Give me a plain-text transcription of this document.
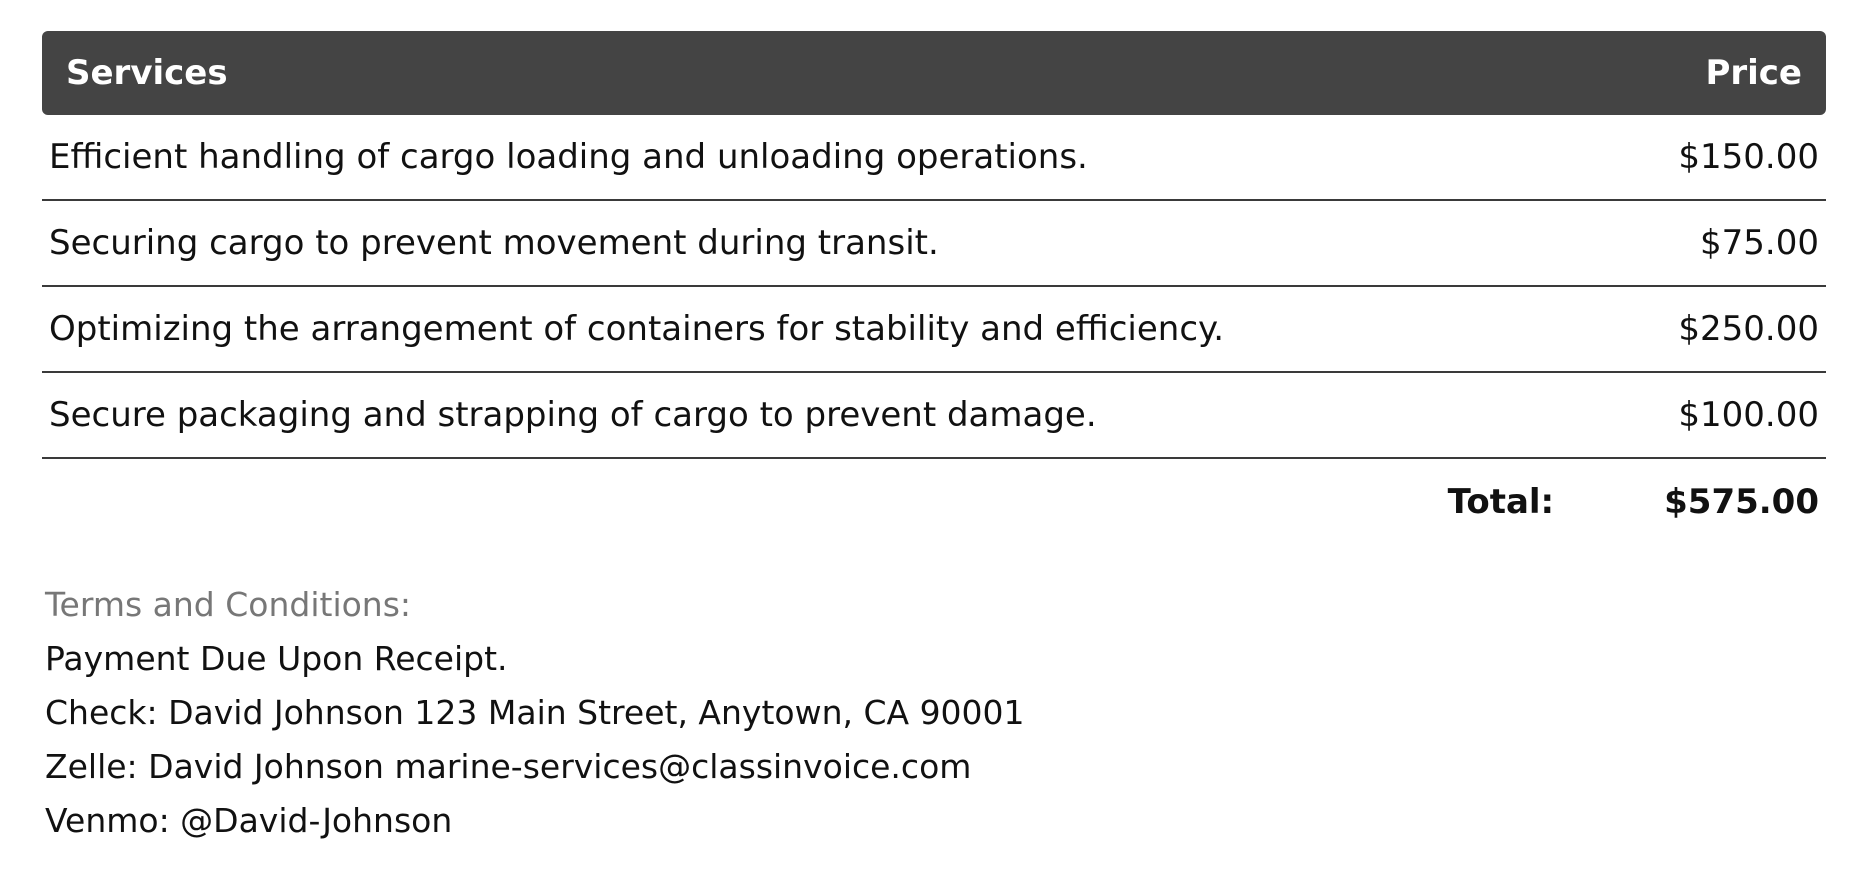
Services	Price
Efficient handling of cargo loading and unloading operations.	$150.00
Securing cargo to prevent movement during transit.	$75.00
Optimizing the arrangement of containers for stability and efficiency.	$250.00
Secure packaging and strapping of cargo to prevent damage.	$100.00
Total:	$575.00
Terms and Conditions:
Payment Due Upon Receipt.
Check: David Johnson 123 Main Street, Anytown, CA 90001
Zelle: David Johnson marine-services@classinvoice.com
Venmo: @David-Johnson
